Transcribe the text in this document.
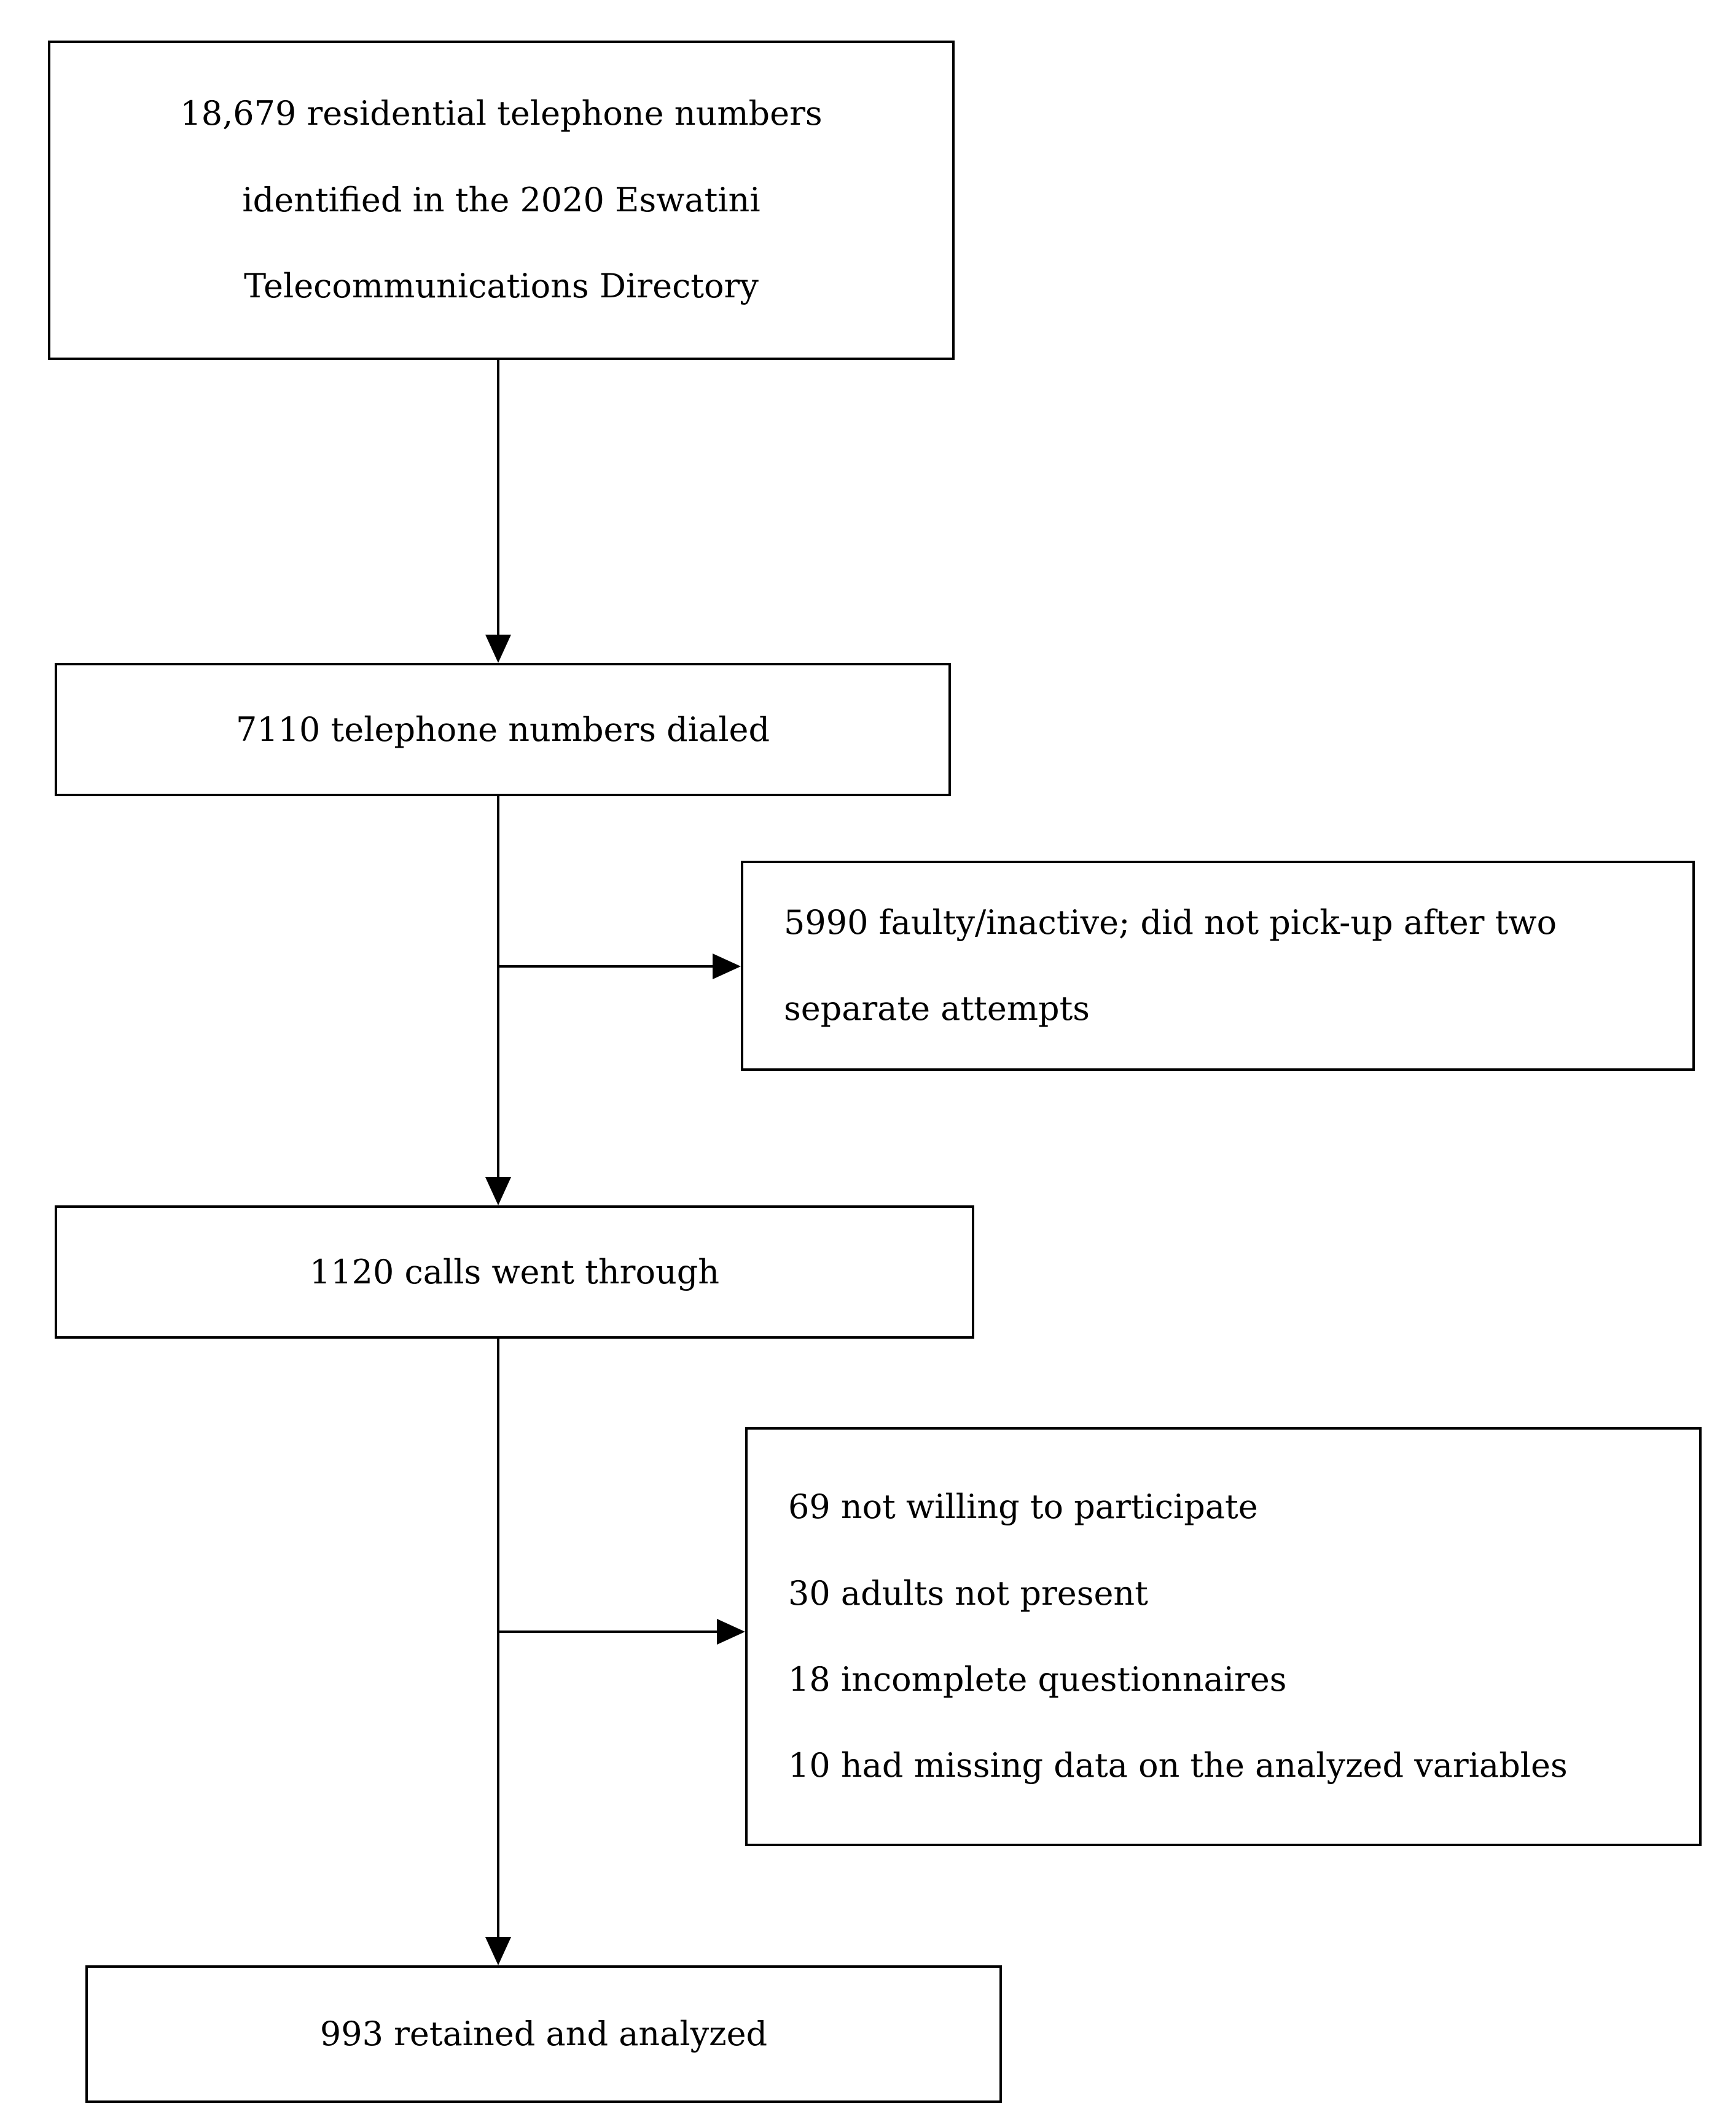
18,679 residential telephone numbers
identified in the 2020 Eswatini
Telecommunications Directory
7110 telephone numbers dialed
5990 faulty/inactive; did not pick-up after two
separate attempts
1120 calls went through
69 not willing to participate
30 adults not present
18 incomplete questionnaires
10 had missing data on the analyzed variables
993 retained and analyzed
